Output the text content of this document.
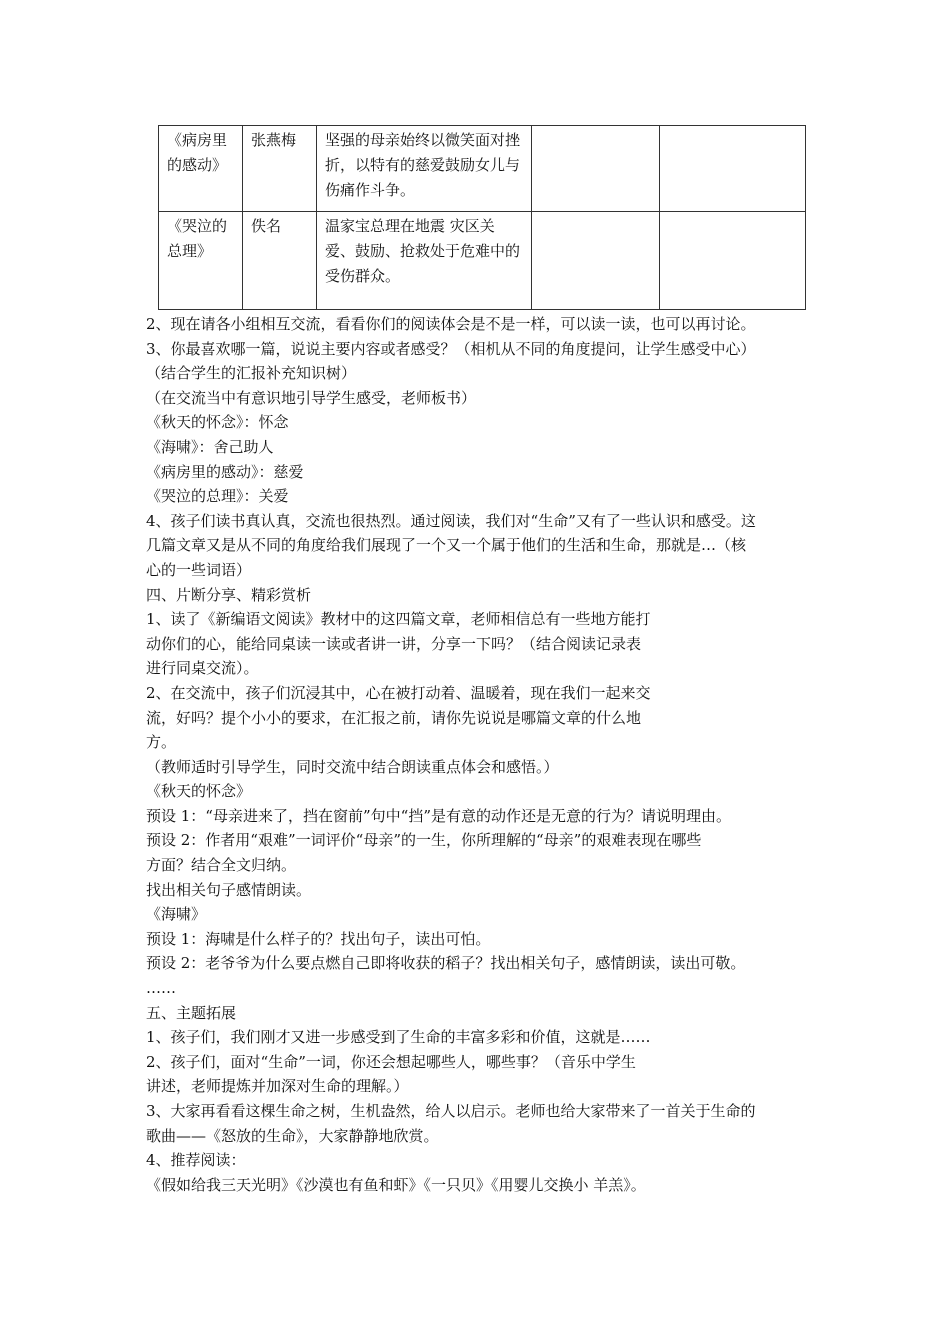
《病房里的感动》	张燕梅	坚强的母亲始终以微笑面对挫折，以特有的慈爱鼓励女儿与伤痛作斗争。		
《哭泣的总理》	佚名	温家宝总理在地震 灾区关爱、鼓励、抢救处于危难中的受伤群众。		
2、现在请各小组相互交流，看看你们的阅读体会是不是一样，可以读一读，也可以再讨论。
3、你最喜欢哪一篇，说说主要内容或者感受？（相机从不同的角度提问，让学生感受中心）
（结合学生的汇报补充知识树）
（在交流当中有意识地引导学生感受，老师板书）
《秋天的怀念》：怀念
《海啸》：舍己助人
《病房里的感动》：慈爱
《哭泣的总理》：关爱
4、孩子们读书真认真，交流也很热烈。通过阅读，我们对“生命”又有了一些认识和感受。这
几篇文章又是从不同的角度给我们展现了一个又一个属于他们的生活和生命，那就是…（核
心的一些词语）
四、片断分享、精彩赏析
1、读了《新编语文阅读》教材中的这四篇文章，老师相信总有一些地方能打
动你们的心，能给同桌读一读或者讲一讲，分享一下吗？（结合阅读记录表
进行同桌交流）。
2、在交流中，孩子们沉浸其中，心在被打动着、温暖着，现在我们一起来交
流，好吗？提个小小的要求，在汇报之前，请你先说说是哪篇文章的什么地
方。
（教师适时引导学生，同时交流中结合朗读重点体会和感悟。）
《秋天的怀念》
预设 1：“母亲进来了，挡在窗前”句中“挡”是有意的动作还是无意的行为？请说明理由。
预设 2：作者用“艰难”一词评价“母亲”的一生，你所理解的“母亲”的艰难表现在哪些
方面？结合全文归纳。
找出相关句子感情朗读。
《海啸》
预设 1：海啸是什么样子的？找出句子，读出可怕。
预设 2：老爷爷为什么要点燃自己即将收获的稻子？找出相关句子，感情朗读，读出可敬。
……
五、主题拓展
1、孩子们，我们刚才又进一步感受到了生命的丰富多彩和价值，这就是……
2、孩子们，面对“生命”一词，你还会想起哪些人，哪些事？（音乐中学生
讲述，老师提炼并加深对生命的理解。）
3、大家再看看这棵生命之树，生机盎然，给人以启示。老师也给大家带来了一首关于生命的
歌曲——《怒放的生命》，大家静静地欣赏。
4、推荐阅读：
《假如给我三天光明》《沙漠也有鱼和虾》《一只贝》《用婴儿交换小 羊羔》。
